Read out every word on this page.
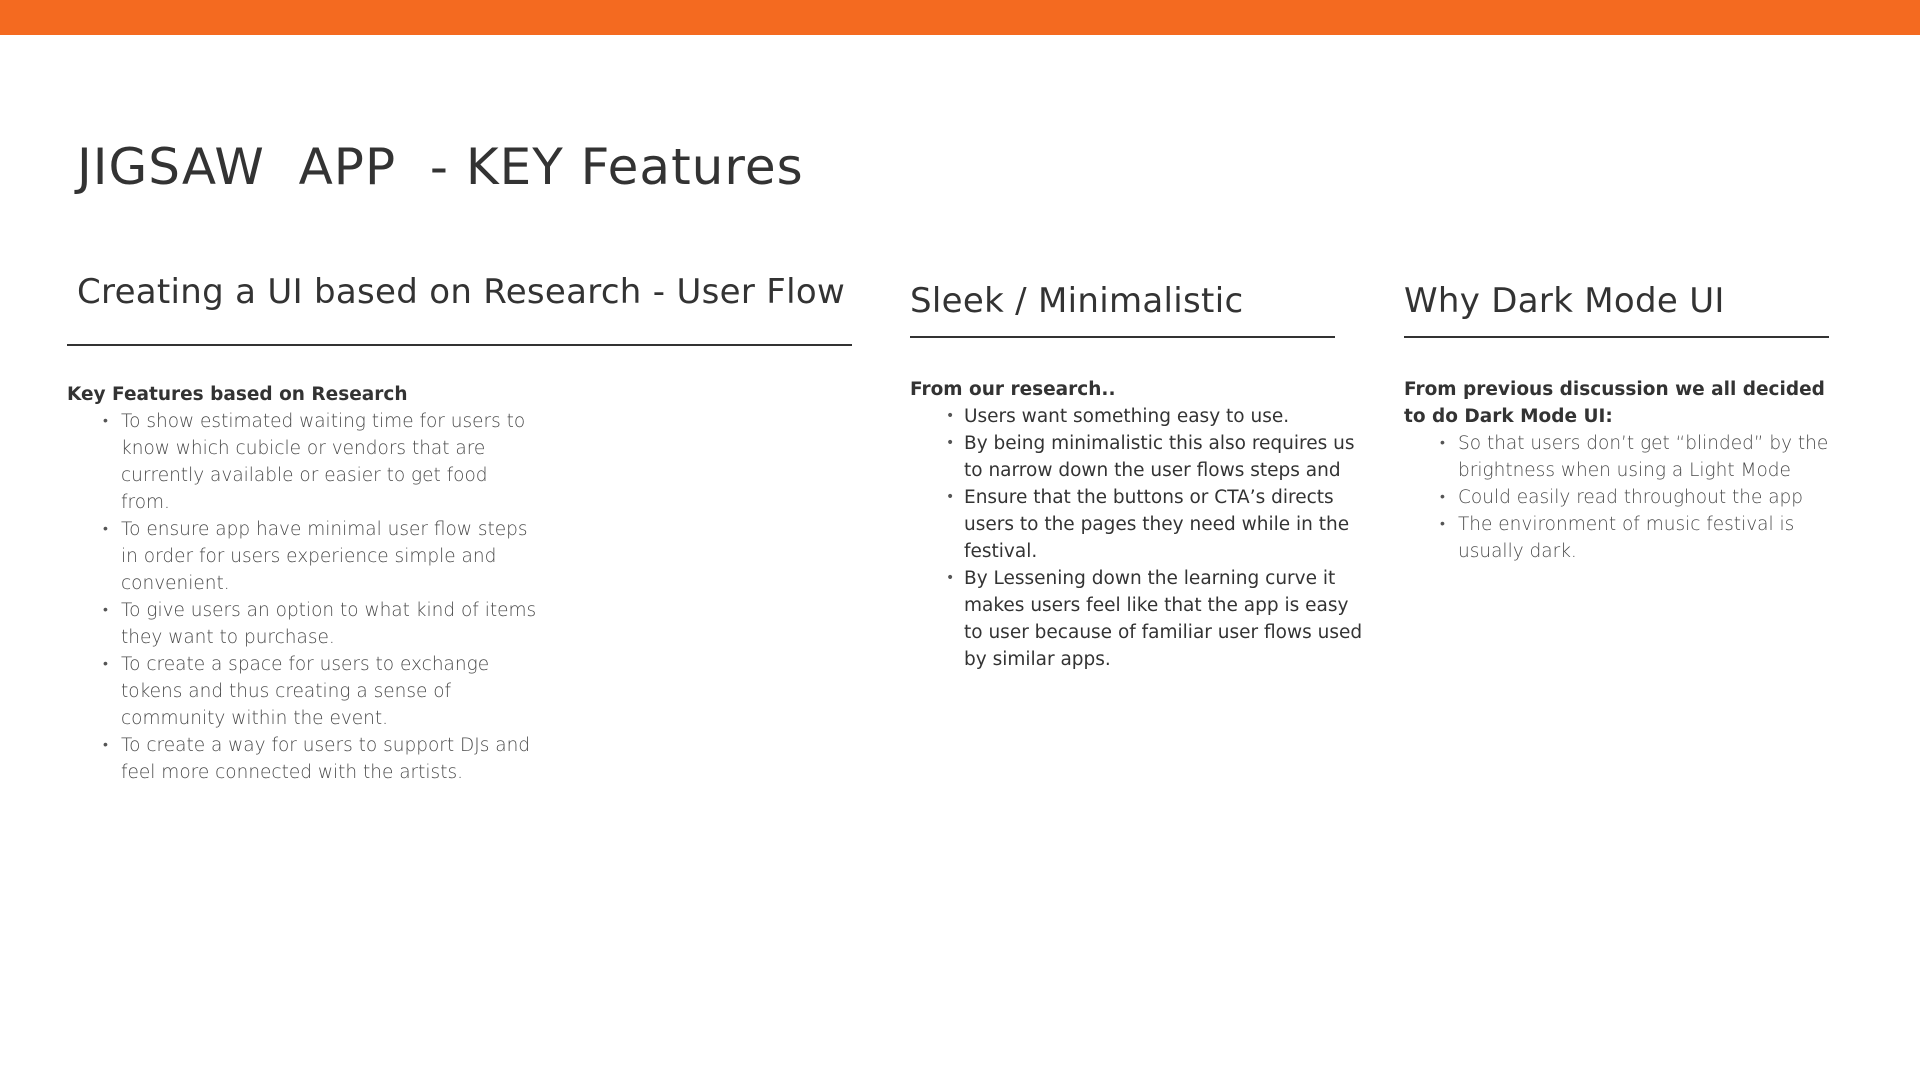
JIGSAW  APP  - KEY Features
Creating a UI based on Research - User Flow

Key Features based on Research

• To show estimated waiting time for users to know which cubicle or vendors that are currently available or easier to get food from.
• To ensure app have minimal user flow steps in order for users experience simple and convenient.
• To give users an option to what kind of items they want to purchase.
• To create a space for users to exchange tokens and thus creating a sense of community within the event.
• To create a way for users to support DJs and feel more connected with the artists.
Sleek / Minimalistic

From our research..

• Users want something easy to use.
• By being minimalistic this also requires us to narrow down the user flows steps and
• Ensure that the buttons or CTA’s directs users to the pages they need while in the festival.
• By Lessening down the learning curve it makes users feel like that the app is easy to user because of familiar user flows used by similar apps.
Why Dark Mode UI

From previous discussion we all decided to do Dark Mode UI:

• So that users don’t get “blinded” by the brightness when using a Light Mode
• Could easily read throughout the app
• The environment of music festival is usually dark.
